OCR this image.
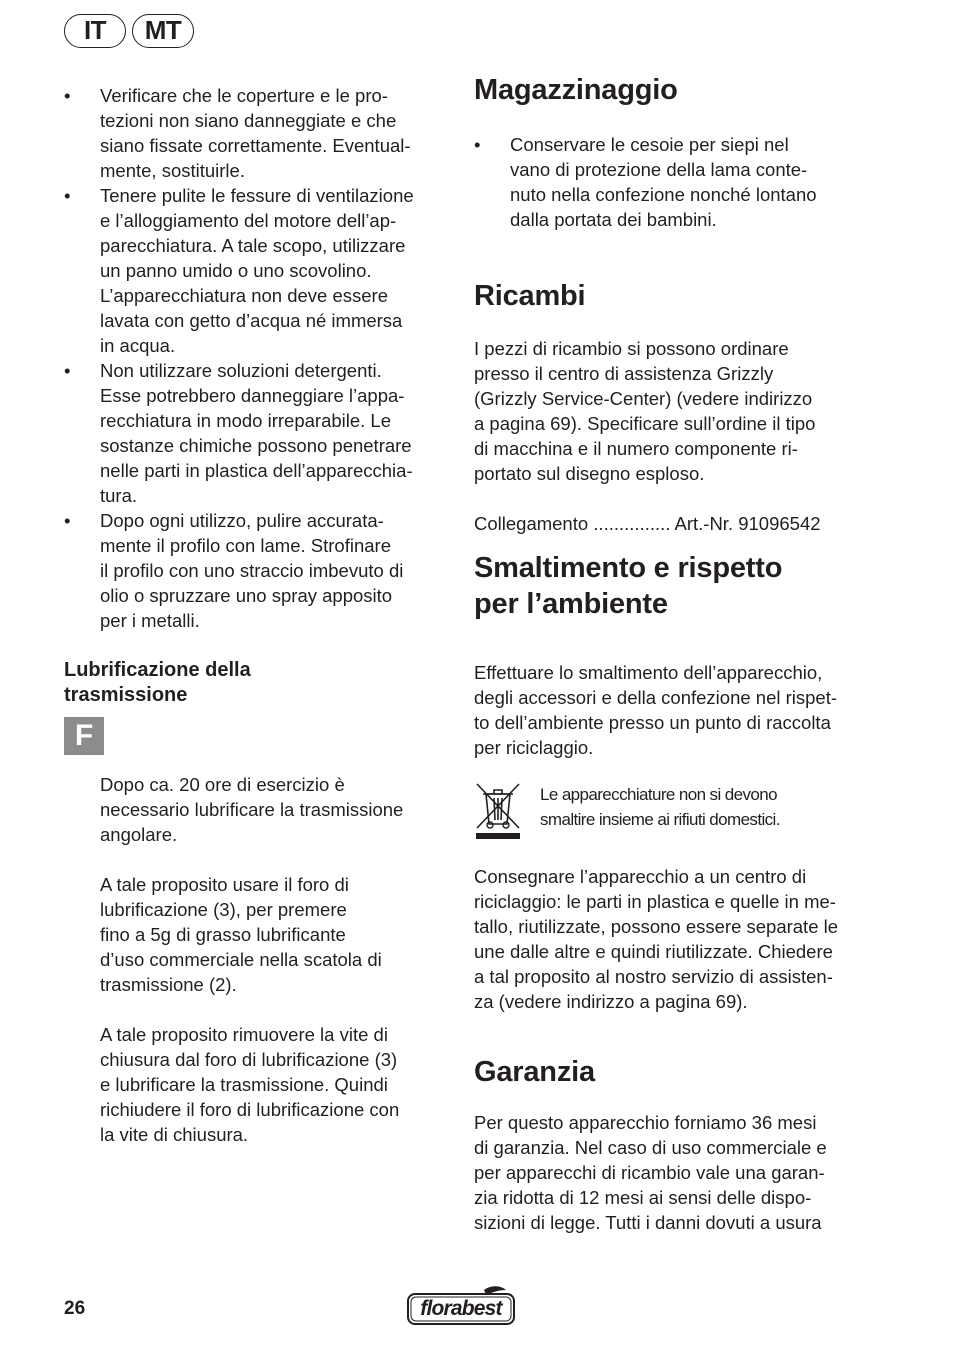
IT	MT
• Verificare che le coperture e le pro-
tezioni non siano danneggiate e che
siano fissate correttamente. Eventual-
mente, sostituirle.
• Tenere pulite le fessure di ventilazione
e l’alloggiamento del motore dell’ap-
parecchiatura. A tale scopo, utilizzare
un panno umido o uno scovolino.
L’apparecchiatura non deve essere
lavata con getto d’acqua né immersa
in acqua.
• Non utilizzare soluzioni detergenti.
Esse potrebbero danneggiare l’appa-
recchiatura in modo irreparabile. Le
sostanze chimiche possono penetrare
nelle parti in plastica dell’apparecchia-
tura.
• Dopo ogni utilizzo, pulire accurata-
mente il profilo con lame. Strofinare
il profilo con uno straccio imbevuto di
olio o spruzzare uno spray apposito
per i metalli.
Lubrificazione della
trasmissione
F

Dopo ca. 20 ore di esercizio è
necessario lubrificare la trasmissione
angolare.

A tale proposito usare il foro di
lubrificazione (3), per premere
fino a 5g di grasso lubrificante
d’uso commerciale nella scatola di
trasmissione (2).

A tale proposito rimuovere la vite di
chiusura dal foro di lubrificazione (3)
e lubrificare la trasmissione. Quindi
richiudere il foro di lubrificazione con
la vite di chiusura.

Magazzinaggio
• Conservare le cesoie per siepi nel
vano di protezione della lama conte-
nuto nella confezione nonché lontano
dalla portata dei bambini.
Ricambi

I pezzi di ricambio si possono ordinare
presso il centro di assistenza Grizzly
(Grizzly Service-Center) (vedere indirizzo
a pagina 69). Specificare sull’ordine il tipo
di macchina e il numero componente ri-
portato sul disegno esploso.

Collegamento ............... Art.-Nr. 91096542

Smaltimento e rispetto
per l’ambiente

Effettuare lo smaltimento dell’apparecchio,
degli accessori e della confezione nel rispet-
to dell’ambiente presso un punto di raccolta
per riciclaggio.

Le apparecchiature non si devono
smaltire insieme ai rifiuti domestici.

Consegnare l’apparecchio a un centro di
riciclaggio: le parti in plastica e quelle in me-
tallo, riutilizzate, possono essere separate le
une dalle altre e quindi riutilizzate. Chiedere
a tal proposito al nostro servizio di assisten-
za (vedere indirizzo a pagina 69).

Garanzia

Per questo apparecchio forniamo 36 mesi
di garanzia. Nel caso di uso commerciale e
per apparecchi di ricambio vale una garan-
zia ridotta di 12 mesi ai sensi delle dispo-
sizioni di legge. Tutti i danni dovuti a usura

26	florabest
